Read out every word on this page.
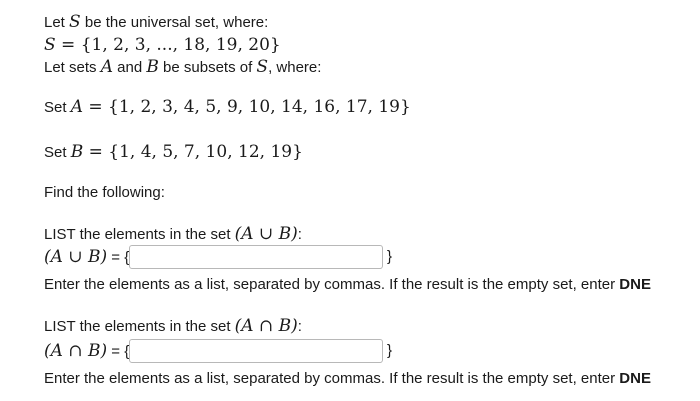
Let S be the universal set, where:
S = {1, 2, 3, ..., 18, 19, 20}
Let sets A and B be subsets of S, where:
Set A = {1, 2, 3, 4, 5, 9, 10, 14, 16, 17, 19}
Set B = {1, 4, 5, 7, 10, 12, 19}
Find the following:
LIST the elements in the set (A ∪ B):
(A ∪ B) = {	}
Enter the elements as a list, separated by commas. If the result is the empty set, enter DNE
LIST the elements in the set (A ∩ B):
(A ∩ B) = {	}
Enter the elements as a list, separated by commas. If the result is the empty set, enter DNE
